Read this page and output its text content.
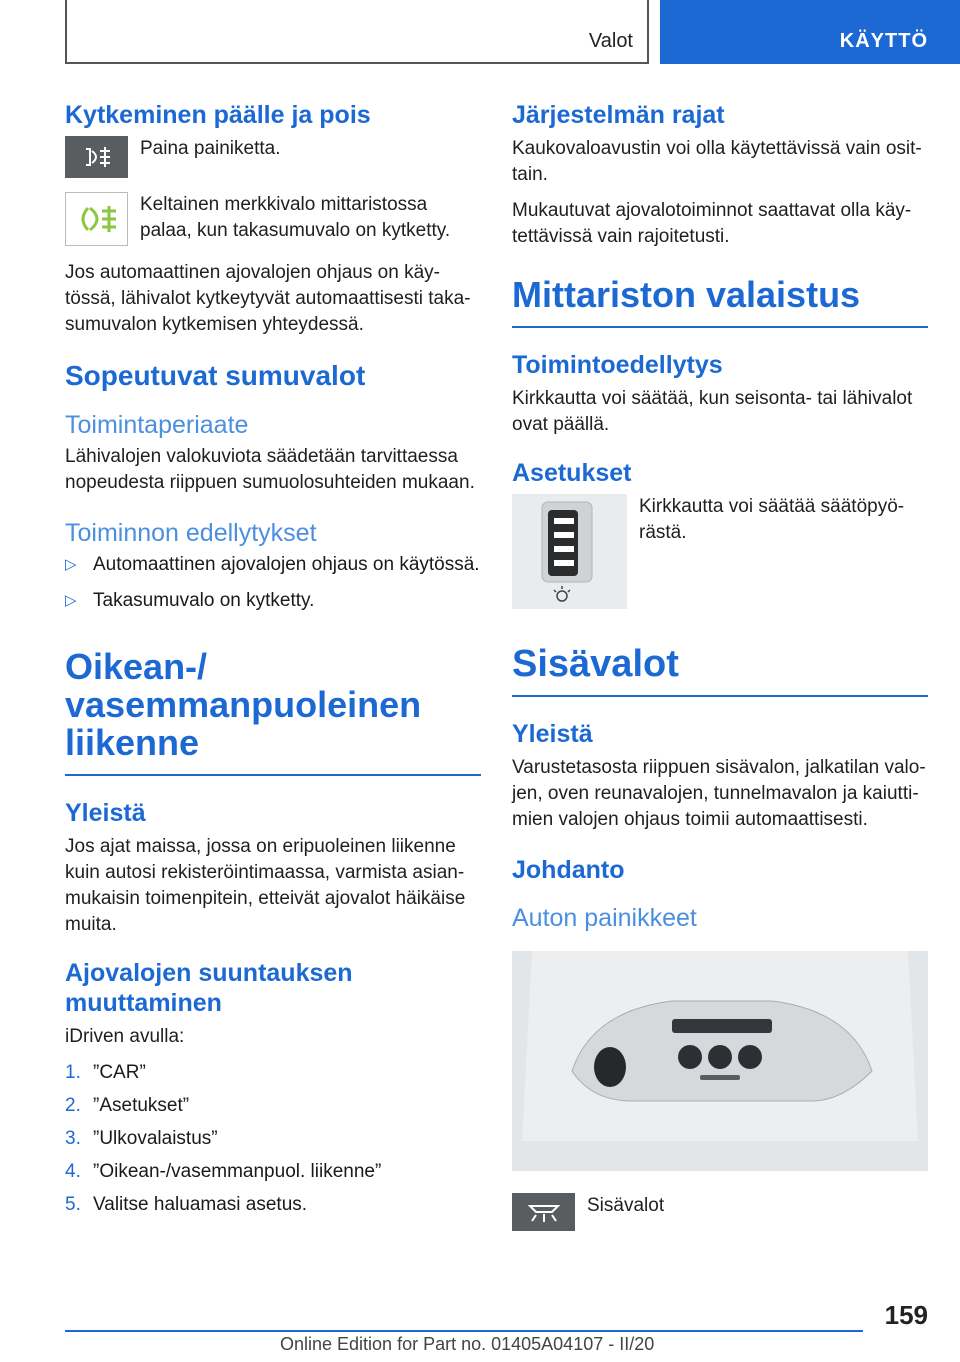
Valot	KÄYTTÖ
Kytkeminen päälle ja pois
Paina painiketta.
Keltainen merkkivalo mittaristossa palaa, kun takasumuvalo on kytketty.
Jos automaattinen ajovalojen ohjaus on käy- tössä, lähivalot kytkeytyvät automaattisesti taka- sumuvalon kytkemisen yhteydessä.
Sopeutuvat sumuvalot
Toimintaperiaate
Lähivalojen valokuviota säädetään tarvittaessa nopeudesta riippuen sumuolosuhteiden mukaan.
Toiminnon edellytykset
▷ Automaattinen ajovalojen ohjaus on käytössä.
▷ Takasumuvalo on kytketty.
Oikean-/ vasemmanpuoleinen liikenne
Yleistä
Jos ajat maissa, jossa on eripuoleinen liikenne kuin autosi rekisteröintimaassa, varmista asian- mukaisin toimenpitein, etteivät ajovalot häikäise muita.
Ajovalojen suuntauksen muuttaminen
iDriven avulla:
1. ”CAR”
2. ”Asetukset”
3. ”Ulkovalaistus”
4. ”Oikean-/vasemmanpuol. liikenne”
5. Valitse haluamasi asetus.
Järjestelmän rajat
Kaukovaloavustin voi olla käytettävissä vain osit- tain.
Mukautuvat ajovalotoiminnot saattavat olla käy- tettävissä vain rajoitetusti.
Mittariston valaistus
Toimintoedellytys
Kirkkautta voi säätää, kun seisonta- tai lähivalot ovat päällä.
Asetukset
Kirkkautta voi säätää säätöpyö- rästä.
Sisävalot
Yleistä
Varustetasosta riippuen sisävalon, jalkatilan valo- jen, oven reunavalojen, tunnelmavalon ja kaiutti- mien valojen ohjaus toimii automaattisesti.
Johdanto
Auton painikkeet
Sisävalot
159
Online Edition for Part no. 01405A04107 - II/20
